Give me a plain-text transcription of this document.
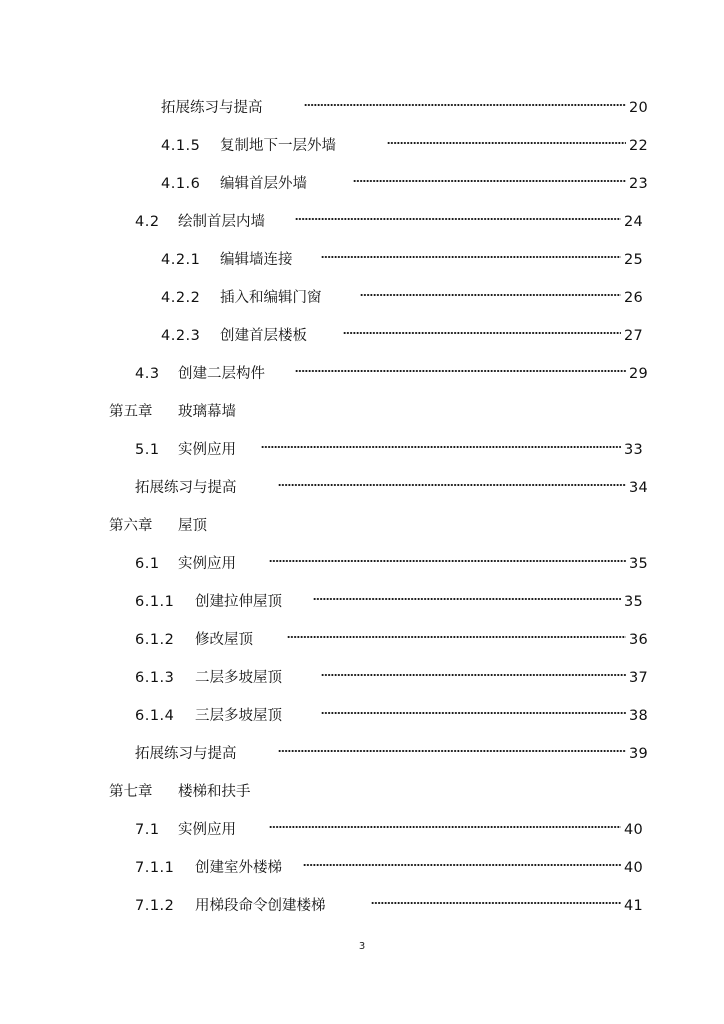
拓展练习与提高	20
4.1.5 复制地下一层外墙	22
4.1.6 编辑首层外墙	23
4.2 绘制首层内墙	24
4.2.1 编辑墙连接	25
4.2.2 插入和编辑门窗	26
4.2.3 创建首层楼板	27
4.3 创建二层构件	29
第五章 玻璃幕墙
5.1 实例应用	33
拓展练习与提高	34
第六章 屋顶
6.1 实例应用	35
6.1.1 创建拉伸屋顶	35
6.1.2 修改屋顶	36
6.1.3 二层多坡屋顶	37
6.1.4 三层多坡屋顶	38
拓展练习与提高	39
第七章 楼梯和扶手
7.1 实例应用	40
7.1.1 创建室外楼梯	40
7.1.2 用梯段命令创建楼梯	41
3
